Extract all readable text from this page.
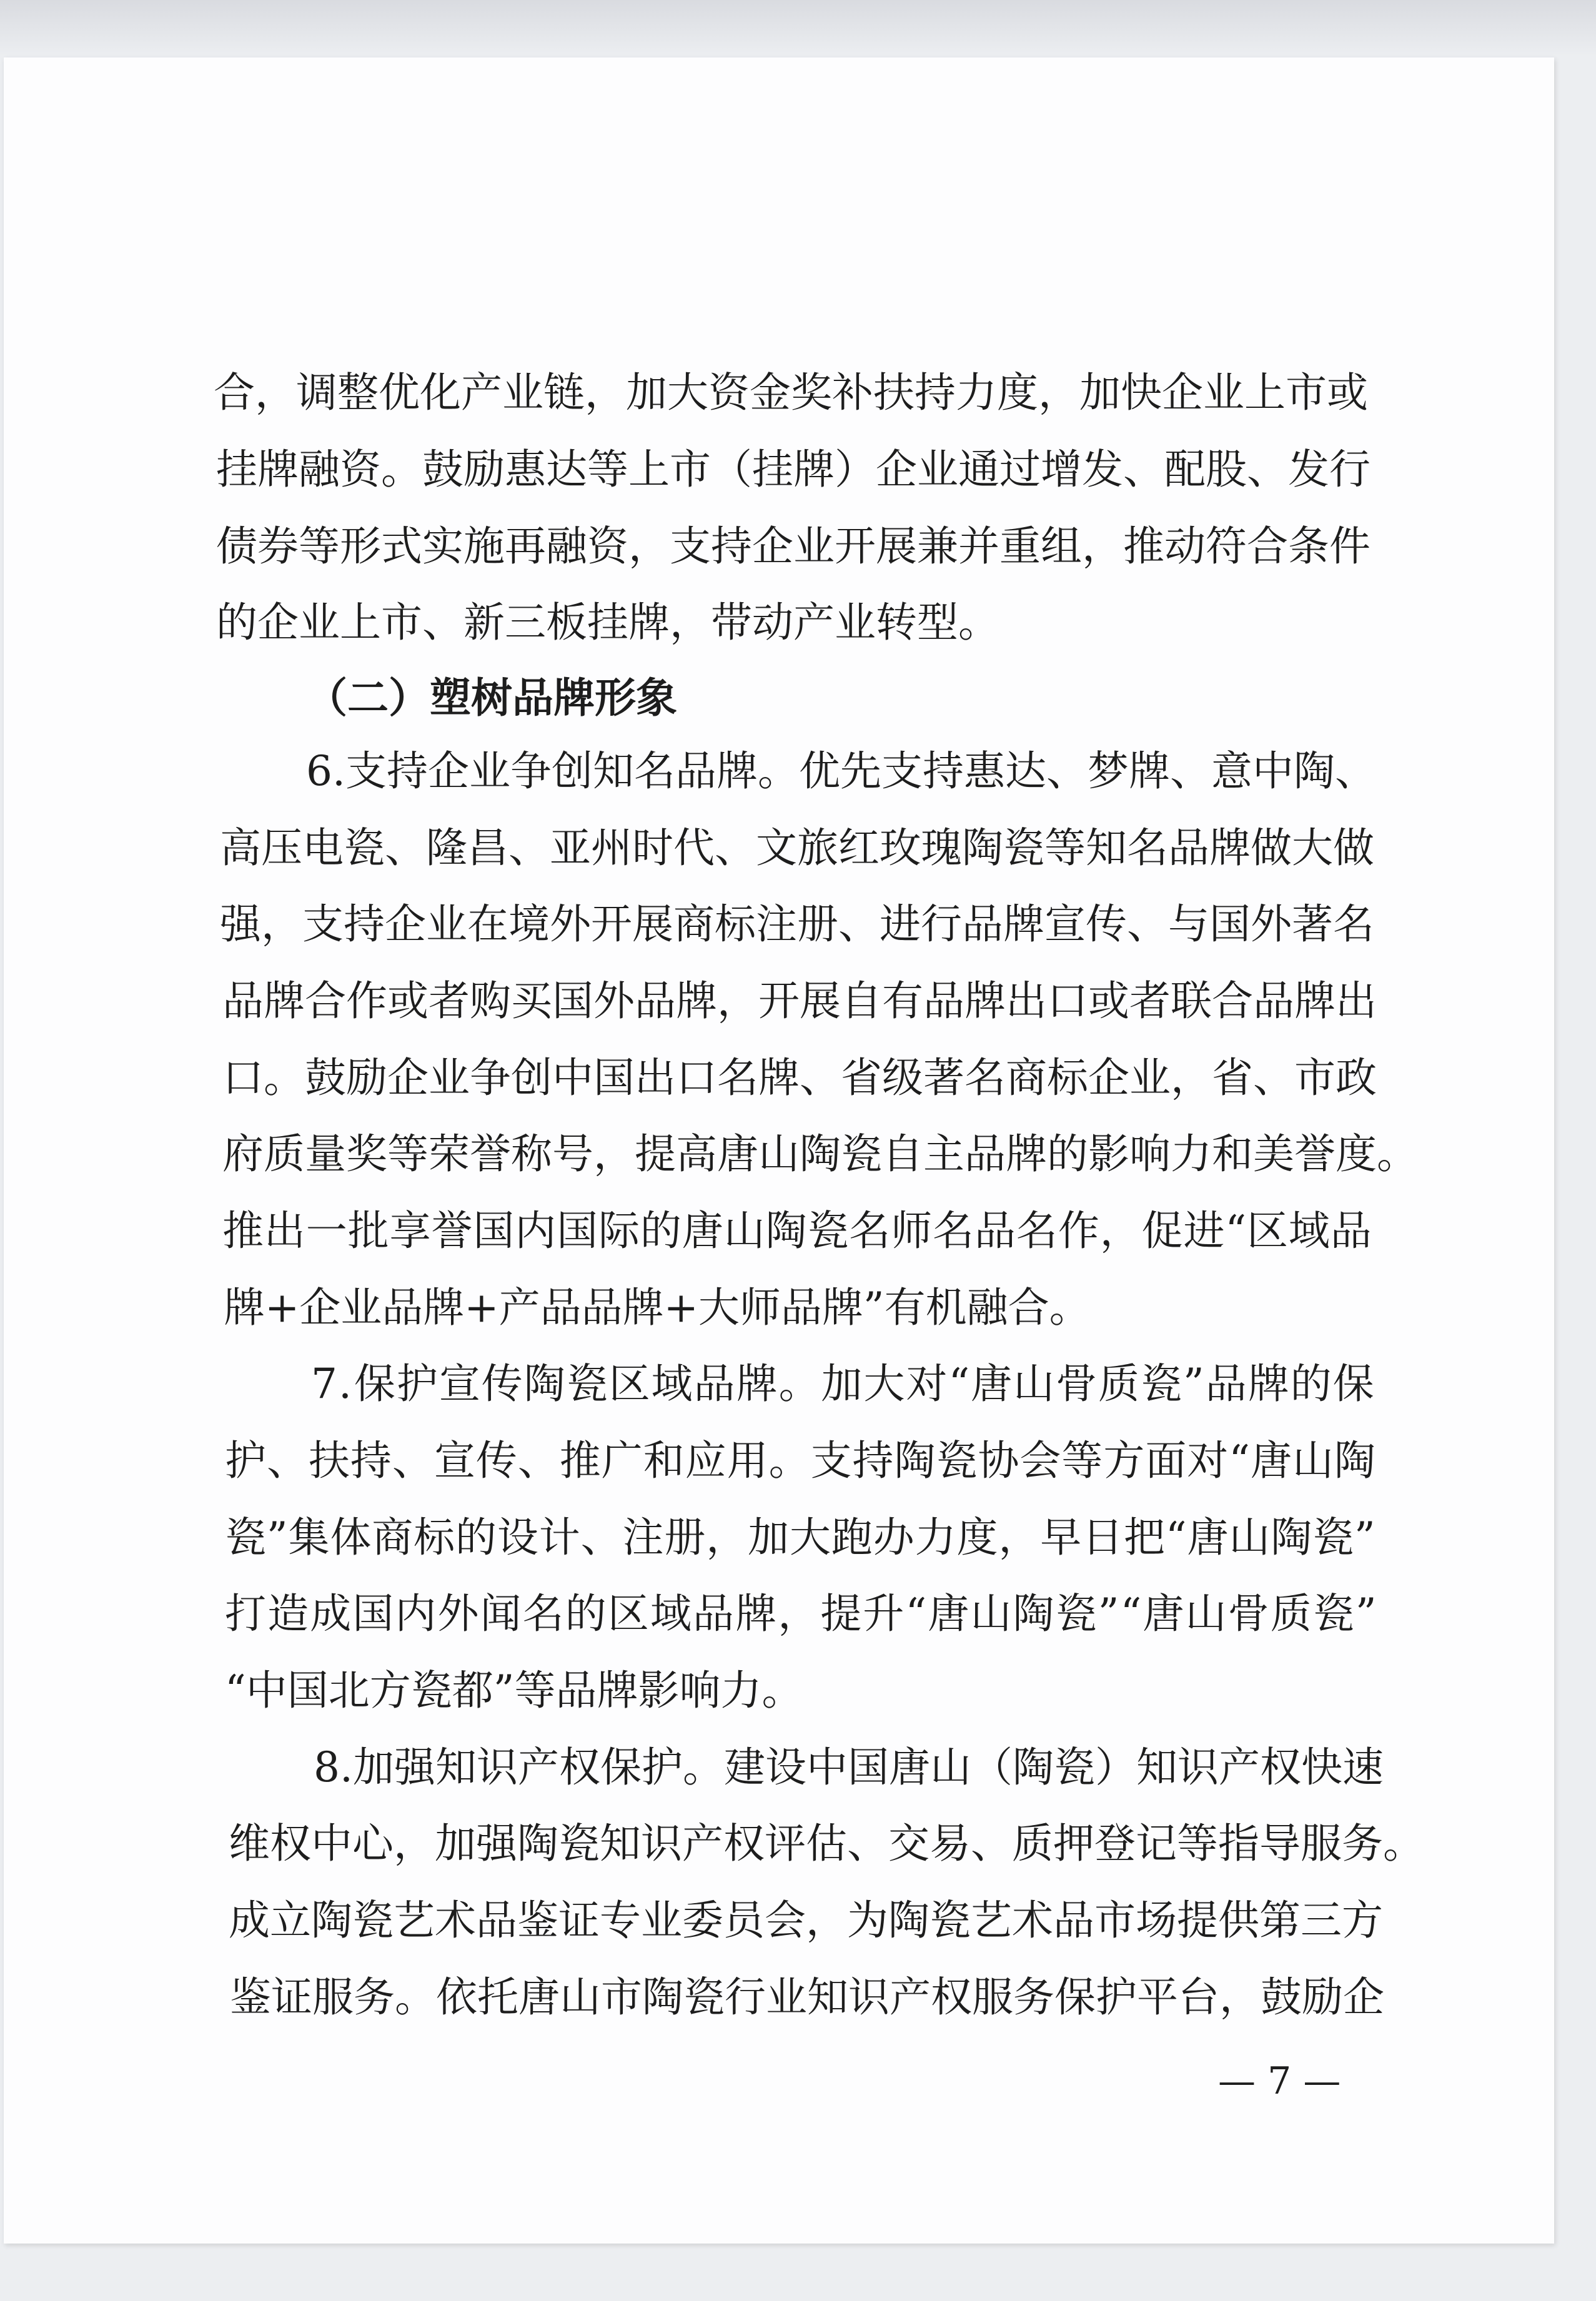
合 ， 调 整 优 化 产 业 链 ， 加 大 资 金 奖 补 扶 持 力 度 ， 加 快 企 业 上 市 或

挂 牌 融 资 。 鼓 励 惠 达 等 上 市 （ 挂 牌 ） 企 业 通 过 增 发 、 配 股 、 发 行

债 券 等 形 式 实 施 再 融 资 ， 支 持 企 业 开 展 兼 并 重 组 ， 推 动 符 合 条 件

的企业上市、新三板挂牌，带动产业转型。

（二）塑树品牌形象

6 . 支 持 企 业 争 创 知 名 品 牌 。 优 先 支 持 惠 达 、 梦 牌 、 意 中 陶 、

高 压 电 瓷 、 隆 昌 、 亚 州 时 代 、 文 旅 红 玫 瑰 陶 瓷 等 知 名 品 牌 做 大 做

强 ， 支 持 企 业 在 境 外 开 展 商 标 注 册 、 进 行 品 牌 宣 传 、 与 国 外 著 名

品 牌 合 作 或 者 购 买 国 外 品 牌 ， 开 展 自 有 品 牌 出 口 或 者 联 合 品 牌 出

口 。 鼓 励 企 业 争 创 中 国 出 口 名 牌 、 省 级 著 名 商 标 企 业 ， 省 、 市 政

府 质 量 奖 等 荣 誉 称 号 ， 提 高 唐 山 陶 瓷 自 主 品 牌 的 影 响 力 和 美 誉 度 。

推 出 一 批 享 誉 国 内 国 际 的 唐 山 陶 瓷 名 师 名 品 名 作 ， 促 进 “ 区 域 品

牌+企业品牌+产品品牌+大师品牌”有机融合。

7 . 保 护 宣 传 陶 瓷 区 域 品 牌 。 加 大 对 “ 唐 山 骨 质 瓷 ” 品 牌 的 保

护 、 扶 持 、 宣 传 、 推 广 和 应 用 。 支 持 陶 瓷 协 会 等 方 面 对 “ 唐 山 陶

瓷 ” 集 体 商 标 的 设 计 、 注 册 ， 加 大 跑 办 力 度 ， 早 日 把 “ 唐 山 陶 瓷 ”

打 造 成 国 内 外 闻 名 的 区 域 品 牌 ， 提 升 “ 唐 山 陶 瓷 ” “ 唐 山 骨 质 瓷 ”

“中国北方瓷都”等品牌影响力。

8 . 加 强 知 识 产 权 保 护 。 建 设 中 国 唐 山 （ 陶 瓷 ） 知 识 产 权 快 速

维 权 中 心 ， 加 强 陶 瓷 知 识 产 权 评 估 、 交 易 、 质 押 登 记 等 指 导 服 务 。

成 立 陶 瓷 艺 术 品 鉴 证 专 业 委 员 会 ， 为 陶 瓷 艺 术 品 市 场 提 供 第 三 方

鉴 证 服 务 。 依 托 唐 山 市 陶 瓷 行 业 知 识 产 权 服 务 保 护 平 台 ， 鼓 励 企

— 7 —
